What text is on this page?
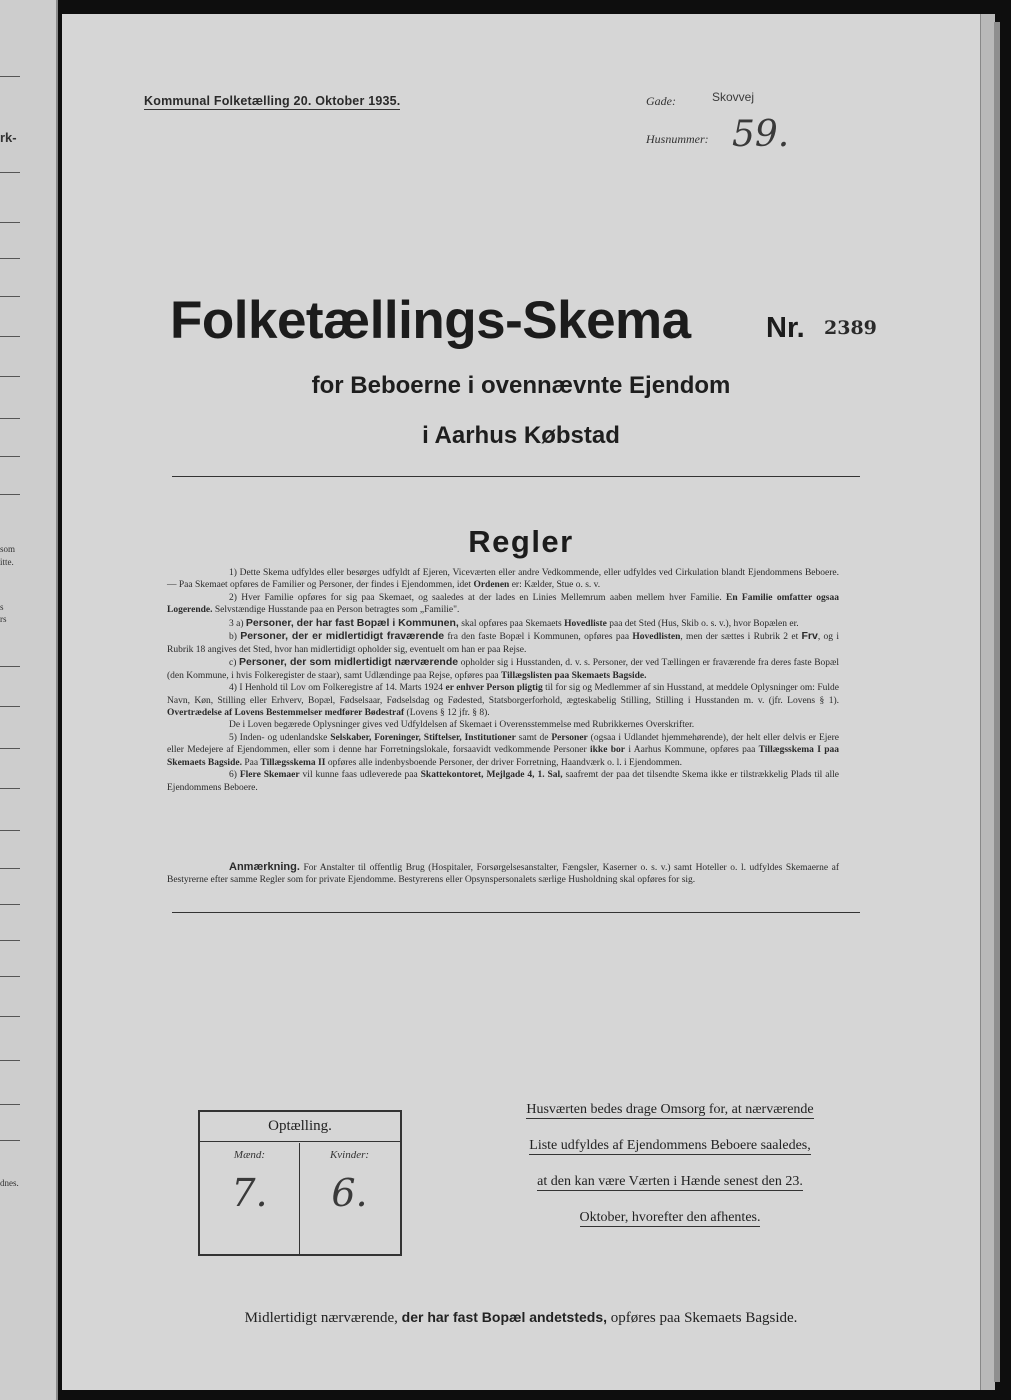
rk-
som
itte.
s
rs
dnes.
Kommunal Folketælling 20. Oktober 1935.	Gade:	Skovvej
Husnummer: 59.
Folketællings-Skema	Nr. 2389
for Beboerne i ovennævnte Ejendom
i Aarhus Købstad
Regler

1) Dette Skema udfyldes eller besørges udfyldt af Ejeren, Viceværten eller andre Vedkommende, eller udfyldes ved Cirkulation blandt Ejendommens Beboere. — Paa Skemaet opføres de Familier og Personer, der findes i Ejendommen, idet Ordenen er: Kælder, Stue o. s. v.

2) Hver Familie opføres for sig paa Skemaet, og saaledes at der lades en Linies Mellemrum aaben mellem hver Familie. En Familie omfatter ogsaa Logerende. Selvstændige Husstande paa en Person betragtes som „Familie".

3 a) Personer, der har fast Bopæl i Kommunen, skal opføres paa Skemaets Hovedliste paa det Sted (Hus, Skib o. s. v.), hvor Bopælen er.

b) Personer, der er midlertidigt fraværende fra den faste Bopæl i Kommunen, opføres paa Hovedlisten, men der sættes i Rubrik 2 et Frv, og i Rubrik 18 angives det Sted, hvor han midlertidigt opholder sig, eventuelt om han er paa Rejse.

c) Personer, der som midlertidigt nærværende opholder sig i Husstanden, d. v. s. Personer, der ved Tællingen er fraværende fra deres faste Bopæl (den Kommune, i hvis Folkeregister de staar), samt Udlændinge paa Rejse, opføres paa Tillægslisten paa Skemaets Bagside.

4) I Henhold til Lov om Folkeregistre af 14. Marts 1924 er enhver Person pligtig til for sig og Medlemmer af sin Husstand, at meddele Oplysninger om: Fulde Navn, Køn, Stilling eller Erhverv, Bopæl, Fødselsaar, Fødselsdag og Fødested, Statsborgerforhold, ægteskabelig Stilling, Stilling i Husstanden m. v. (jfr. Lovens § 1). Overtrædelse af Lovens Bestemmelser medfører Bødestraf (Lovens § 12 jfr. § 8).

De i Loven begærede Oplysninger gives ved Udfyldelsen af Skemaet i Overensstemmelse med Rubrikkernes Overskrifter.

5) Inden- og udenlandske Selskaber, Foreninger, Stiftelser, Institutioner samt de Personer (ogsaa i Udlandet hjemmehørende), der helt eller delvis er Ejere eller Medejere af Ejendommen, eller som i denne har Forretningslokale, forsaavidt vedkommende Personer ikke bor i Aarhus Kommune, opføres paa Tillægsskema I paa Skemaets Bagside. Paa Tillægsskema II opføres alle indenbysboende Personer, der driver Forretning, Haandværk o. l. i Ejendommen.

6) Flere Skemaer vil kunne faas udleverede paa Skattekontoret, Mejlgade 4, 1. Sal, saafremt der paa det tilsendte Skema ikke er tilstrækkelig Plads til alle Ejendommens Beboere.

Anmærkning. For Anstalter til offentlig Brug (Hospitaler, Forsørgelsesanstalter, Fængsler, Kaserner o. s. v.) samt Hoteller o. l. udfyldes Skemaerne af Bestyrerne efter samme Regler som for private Ejendomme. Bestyrerens eller Opsynspersonalets særlige Husholdning skal opføres for sig.

Optælling.
Mænd:
7.
Kvinder:
6.
Husværten bedes drage Omsorg for, at nærværende
Liste udfyldes af Ejendommens Beboere saaledes,
at den kan være Værten i Hænde senest den 23.
Oktober, hvorefter den afhentes.
Midlertidigt nærværende, der har fast Bopæl andetsteds, opføres paa Skemaets Bagside.
